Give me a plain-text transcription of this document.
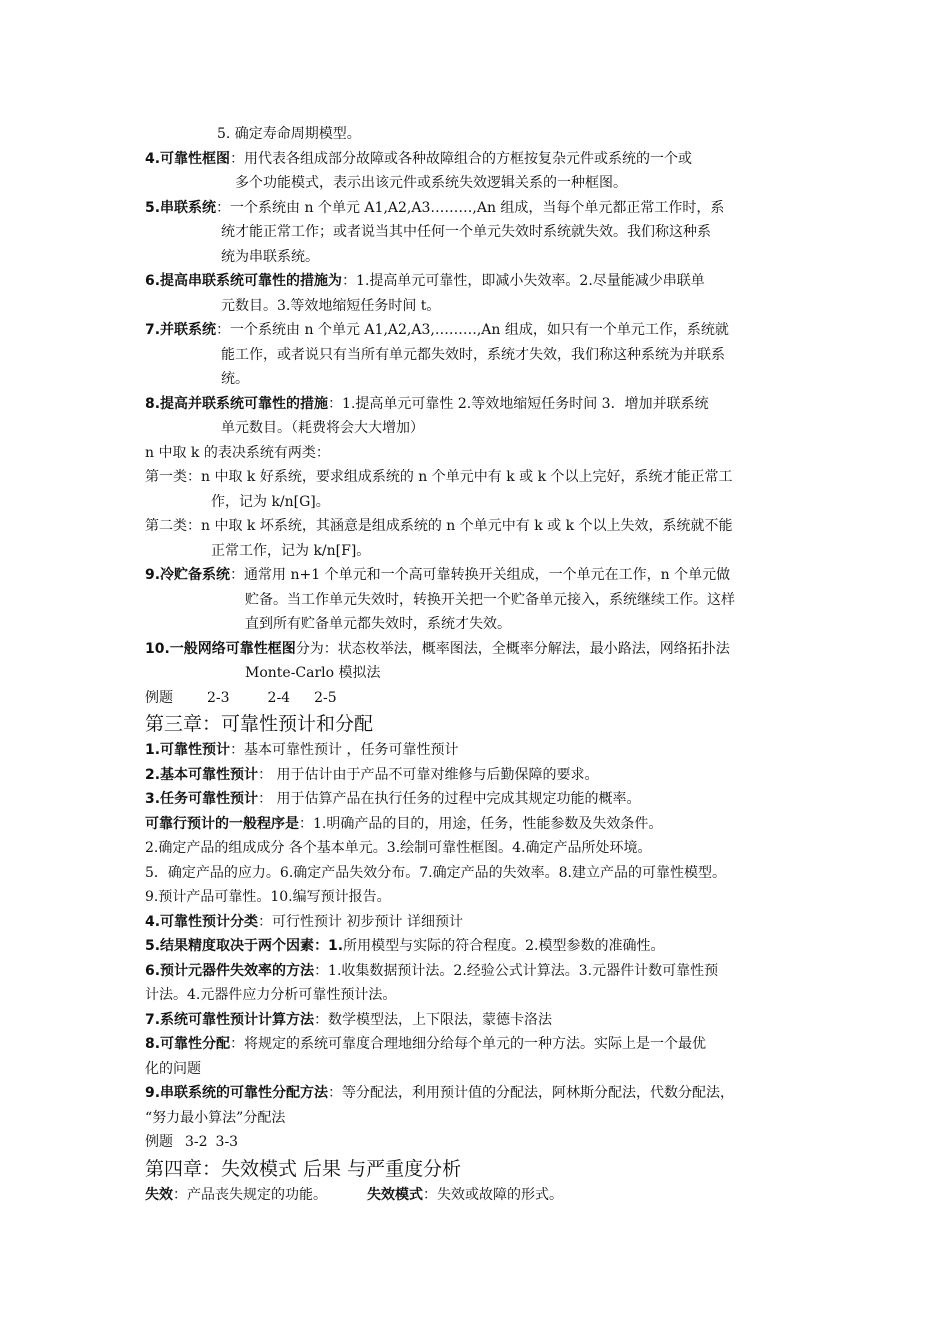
5. 确定寿命周期模型。
4.可靠性框图：用代表各组成部分故障或各种故障组合的方框按复杂元件或系统的一个或
多个功能模式，表示出该元件或系统失效逻辑关系的一种框图。
5.串联系统：一个系统由 n 个单元 A1,A2,A3………,An 组成，当每个单元都正常工作时，系
统才能正常工作；或者说当其中任何一个单元失效时系统就失效。我们称这种系
统为串联系统。
6.提高串联系统可靠性的措施为：1.提高单元可靠性，即减小失效率。2.尽量能减少串联单
元数目。3.等效地缩短任务时间 t。
7.并联系统：一个系统由 n 个单元 A1,A2,A3,………,An 组成，如只有一个单元工作，系统就
能工作，或者说只有当所有单元都失效时，系统才失效，我们称这种系统为并联系
统。
8.提高并联系统可靠性的措施：1.提高单元可靠性 2.等效地缩短任务时间 3．增加并联系统
单元数目。（耗费将会大大增加）
n 中取 k 的表决系统有两类：
第一类：n 中取 k 好系统，要求组成系统的 n 个单元中有 k 或 k 个以上完好，系统才能正常工
作，记为 k/n[G]。
第二类：n 中取 k 坏系统，其涵意是组成系统的 n 个单元中有 k 或 k 个以上失效，系统就不能
正常工作，记为 k/n[F]。
9.冷贮备系统：通常用 n+1 个单元和一个高可靠转换开关组成，一个单元在工作，n 个单元做
贮备。当工作单元失效时，转换开关把一个贮备单元接入，系统继续工作。这样
直到所有贮备单元都失效时，系统才失效。
10.一般网络可靠性框图分为：状态枚举法，概率图法，全概率分解法，最小路法，网络拓扑法
Monte-Carlo 模拟法
例题 2-3	2-4 2-5
第三章：可靠性预计和分配
1.可靠性预计：基本可靠性预计 ，任务可靠性预计
2.基本可靠性预计： 用于估计由于产品不可靠对维修与后勤保障的要求。
3.任务可靠性预计： 用于估算产品在执行任务的过程中完成其规定功能的概率。
可靠行预计的一般程序是：1.明确产品的目的，用途，任务，性能参数及失效条件。
2.确定产品的组成成分 各个基本单元。3.绘制可靠性框图。4.确定产品所处环境。
5．确定产品的应力。6.确定产品失效分布。7.确定产品的失效率。8.建立产品的可靠性模型。
9.预计产品可靠性。10.编写预计报告。
4.可靠性预计分类：可行性预计 初步预计 详细预计
5.结果精度取决于两个因素：1.所用模型与实际的符合程度。2.模型参数的准确性。
6.预计元器件失效率的方法：1.收集数据预计法。2.经验公式计算法。3.元器件计数可靠性预
计法。4.元器件应力分析可靠性预计法。
7.系统可靠性预计计算方法：数学模型法，上下限法，蒙德卡洛法
8.可靠性分配：将规定的系统可靠度合理地细分给每个单元的一种方法。实际上是一个最优
化的问题
9.串联系统的可靠性分配方法：等分配法，利用预计值的分配法，阿林斯分配法，代数分配法，
“努力最小算法”分配法
例题 3-2 3-3
第四章：失效模式 后果 与严重度分析
失效：产品丧失规定的功能。	失效模式：失效或故障的形式。
